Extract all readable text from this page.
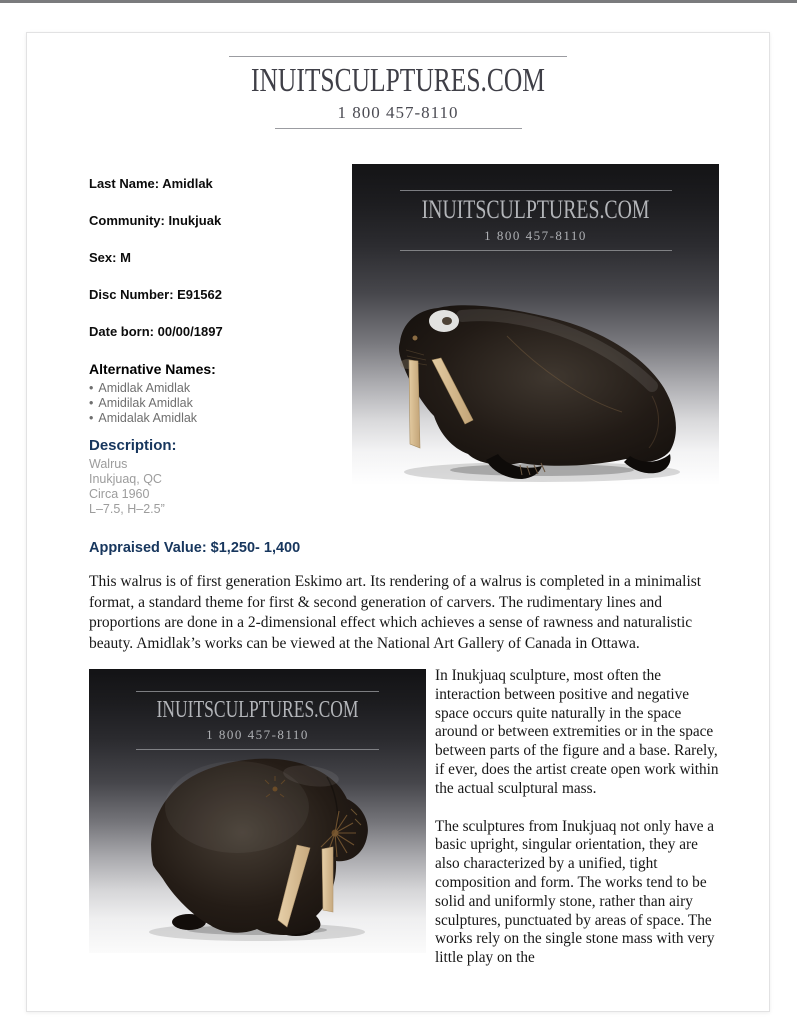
INUITSCULPTURES.COM
1 800 457-8110

Last Name: Amidlak

Community: Inukjuak

Sex: M

Disc Number: E91562

Date born: 00/00/1897

Alternative Names:
• Amidlak Amidlak
• Amidilak Amidlak
• Amidalak Amidlak
Description:

Walrus

Inukjuaq, QC

Circa 1960

L–7.5, H–2.5”

INUITSCULPTURES.COM
1 800 457-8110
Appraised Value: $1,250- 1,400

This walrus is of first generation Eskimo art. Its rendering of a walrus is completed in a minimalist format, a standard theme for first & second generation of carvers. The rudimentary lines and proportions are done in a 2-dimensional effect which achieves a sense of rawness and naturalistic beauty. Amidlak’s works can be viewed at the National Art Gallery of Canada in Ottawa.

INUITSCULPTURES.COM
1 800 457-8110

In Inukjuaq sculpture, most often the interaction between positive and negative space occurs quite naturally in the space around or between extremities or in the space between parts of the figure and a base. Rarely, if ever, does the artist create open work within the actual sculptural mass.

The sculptures from Inukjuaq not only have a basic upright, singular orientation, they are also characterized by a unified, tight composition and form. The works tend to be solid and uniformly stone, rather than airy sculptures, punctuated by areas of space. The works rely on the single stone mass with very little play on the
